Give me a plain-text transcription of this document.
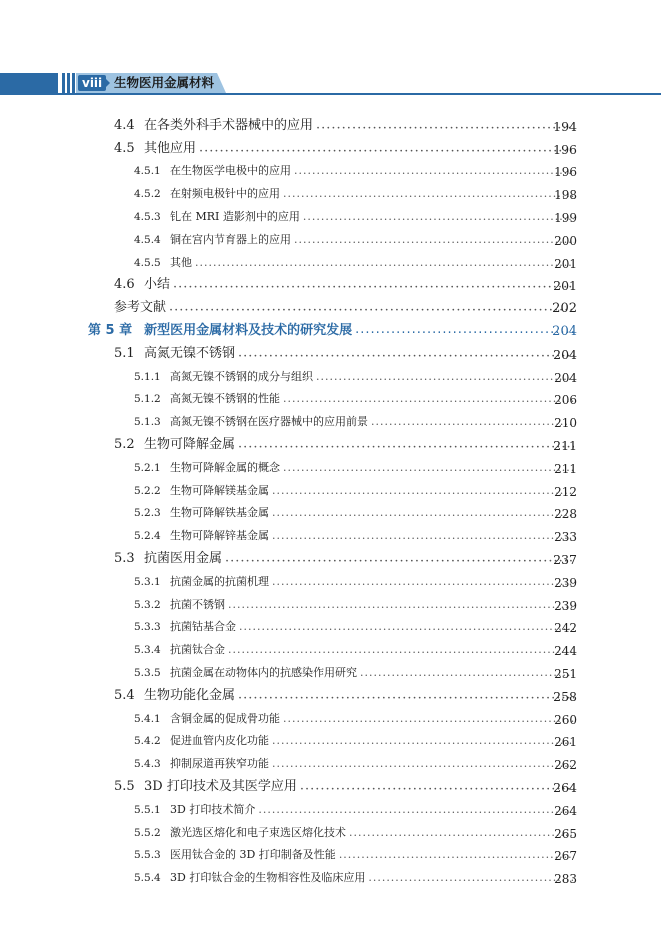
viii 生物医用金属材料
4.4 在各类外科手术器械中的应用 ·····	194
4.5 其他应用 ·····	196
4.5.1 在生物医学电极中的应用 ·····	196
4.5.2 在射频电极针中的应用 ·····	198
4.5.3 钆在 MRI 造影剂中的应用 ·····	199
4.5.4 铜在宫内节育器上的应用 ·····	200
4.5.5 其他 ·····	201
4.6 小结 ·····	201
参考文献 ·····	202
第 5 章 新型医用金属材料及技术的研究发展 ·····	204
5.1 高氮无镍不锈钢 ·····	204
5.1.1 高氮无镍不锈钢的成分与组织 ·····	204
5.1.2 高氮无镍不锈钢的性能 ·····	206
5.1.3 高氮无镍不锈钢在医疗器械中的应用前景 ·····	210
5.2 生物可降解金属 ·····	211
5.2.1 生物可降解金属的概念 ·····	211
5.2.2 生物可降解镁基金属 ·····	212
5.2.3 生物可降解铁基金属 ·····	228
5.2.4 生物可降解锌基金属 ·····	233
5.3 抗菌医用金属 ·····	237
5.3.1 抗菌金属的抗菌机理 ·····	239
5.3.2 抗菌不锈钢 ·····	239
5.3.3 抗菌钴基合金 ·····	242
5.3.4 抗菌钛合金 ·····	244
5.3.5 抗菌金属在动物体内的抗感染作用研究 ·····	251
5.4 生物功能化金属 ·····	258
5.4.1 含铜金属的促成骨功能 ·····	260
5.4.2 促进血管内皮化功能 ·····	261
5.4.3 抑制尿道再狭窄功能 ·····	262
5.5 3D 打印技术及其医学应用 ·····	264
5.5.1 3D 打印技术简介 ·····	264
5.5.2 激光选区熔化和电子束选区熔化技术 ·····	265
5.5.3 医用钛合金的 3D 打印制备及性能 ·····	267
5.5.4 3D 打印钛合金的生物相容性及临床应用 ·····	283
